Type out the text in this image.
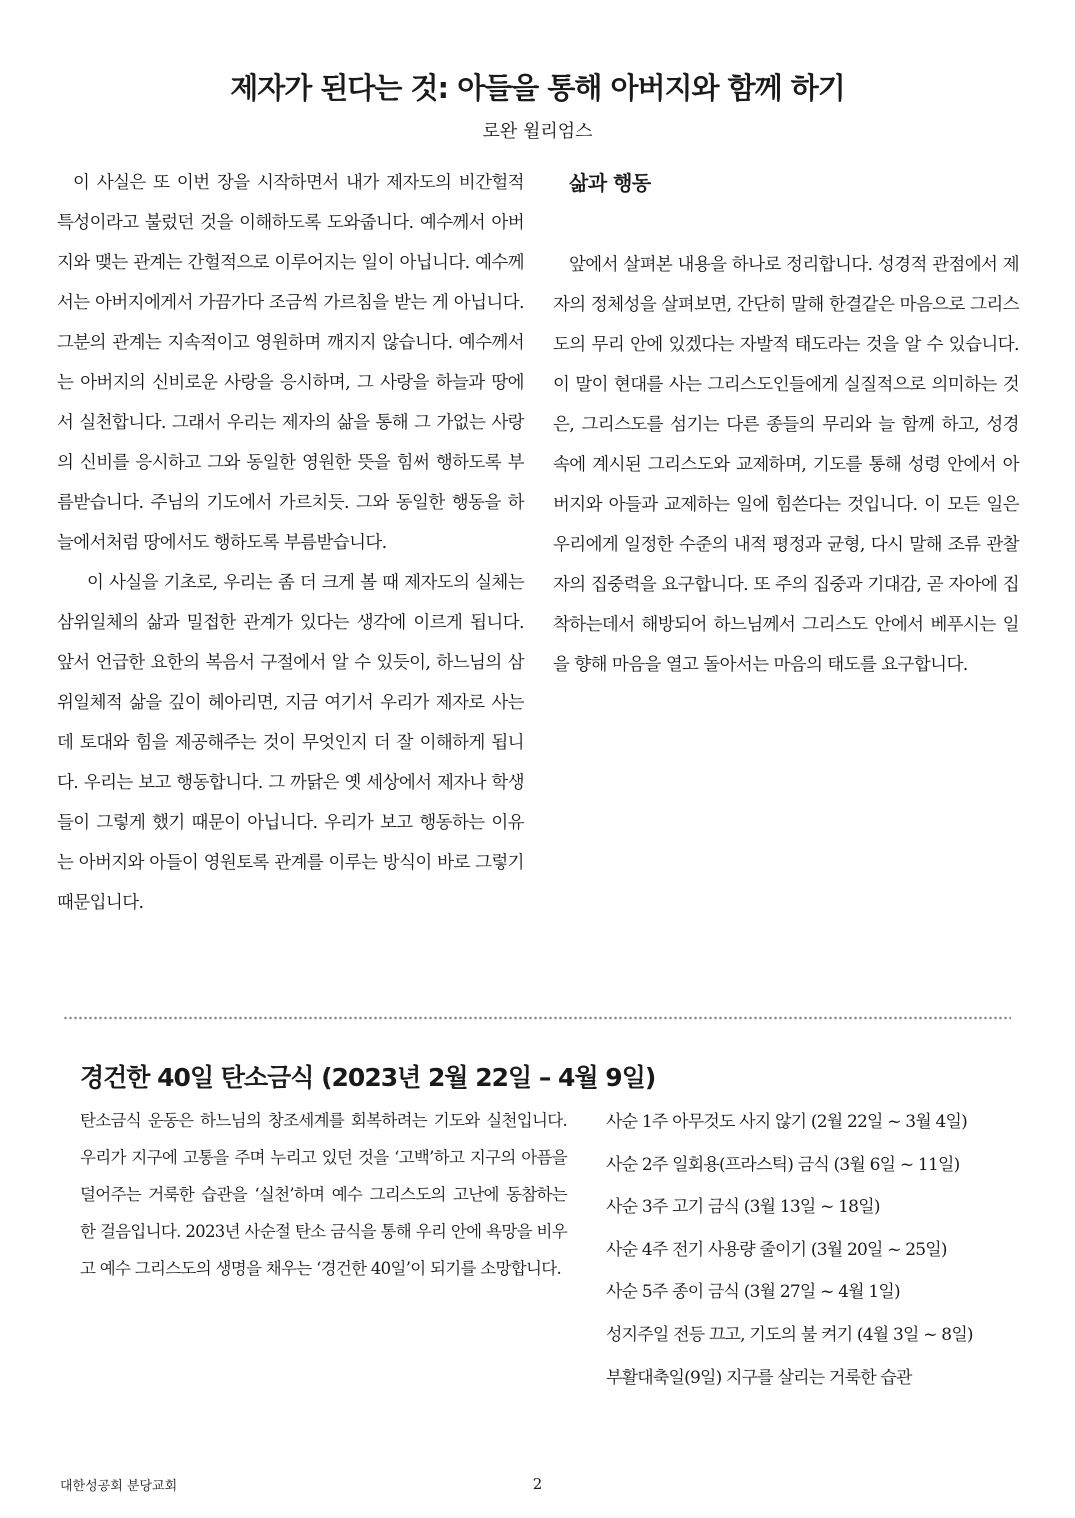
제자가 된다는 것: 아들을 통해 아버지와 함께 하기
로완 윌리엄스

이 사실은 또 이번 장을 시작하면서 내가 제자도의 비간헐적 특성이라고 불렀던 것을 이해하도록 도와줍니다. 예수께서 아버지와 맺는 관계는 간헐적으로 이루어지는 일이 아닙니다. 예수께서는 아버지에게서 가끔가다 조금씩 가르침을 받는 게 아닙니다. 그분의 관계는 지속적이고 영원하며 깨지지 않습니다. 예수께서는 아버지의 신비로운 사랑을 응시하며, 그 사랑을 하늘과 땅에서 실천합니다. 그래서 우리는 제자의 삶을 통해 그 가없는 사랑의 신비를 응시하고 그와 동일한 영원한 뜻을 힘써 행하도록 부름받습니다. 주님의 기도에서 가르치듯. 그와 동일한 행동을 하늘에서처럼 땅에서도 행하도록 부름받습니다.

이 사실을 기초로, 우리는 좀 더 크게 볼 때 제자도의 실체는 삼위일체의 삶과 밀접한 관계가 있다는 생각에 이르게 됩니다. 앞서 언급한 요한의 복음서 구절에서 알 수 있듯이, 하느님의 삼위일체적 삶을 깊이 헤아리면, 지금 여기서 우리가 제자로 사는데 토대와 힘을 제공해주는 것이 무엇인지 더 잘 이해하게 됩니다. 우리는 보고 행동합니다. 그 까닭은 옛 세상에서 제자나 학생들이 그렇게 했기 때문이 아닙니다. 우리가 보고 행동하는 이유는 아버지와 아들이 영원토록 관계를 이루는 방식이 바로 그렇기 때문입니다.

삶과 행동

앞에서 살펴본 내용을 하나로 정리합니다. 성경적 관점에서 제자의 정체성을 살펴보면, 간단히 말해 한결같은 마음으로 그리스도의 무리 안에 있겠다는 자발적 태도라는 것을 알 수 있습니다. 이 말이 현대를 사는 그리스도인들에게 실질적으로 의미하는 것은, 그리스도를 섬기는 다른 종들의 무리와 늘 함께 하고, 성경 속에 계시된 그리스도와 교제하며, 기도를 통해 성령 안에서 아버지와 아들과 교제하는 일에 힘쓴다는 것입니다. 이 모든 일은 우리에게 일정한 수준의 내적 평정과 균형, 다시 말해 조류 관찰자의 집중력을 요구합니다. 또 주의 집중과 기대감, 곧 자아에 집착하는데서 해방되어 하느님께서 그리스도 안에서 베푸시는 일을 향해 마음을 열고 돌아서는 마음의 태도를 요구합니다.

경건한 40일 탄소금식 (2023년 2월 22일 – 4월 9일)

탄소금식 운동은 하느님의 창조세계를 회복하려는 기도와 실천입니다. 우리가 지구에 고통을 주며 누리고 있던 것을 ‘고백’하고 지구의 아픔을 덜어주는 거룩한 습관을 ‘실천’하며 예수 그리스도의 고난에 동참하는 한 걸음입니다. 2023년 사순절 탄소 금식을 통해 우리 안에 욕망을 비우고 예수 그리스도의 생명을 채우는 ‘경건한 40일’이 되기를 소망합니다.

사순 1주 아무것도 사지 않기 (2월 22일 ~ 3월 4일)
사순 2주 일회용(프라스틱) 금식 (3월 6일 ~ 11일)
사순 3주 고기 금식 (3월 13일 ~ 18일)
사순 4주 전기 사용량 줄이기 (3월 20일 ~ 25일)
사순 5주 종이 금식 (3월 27일 ~ 4월 1일)
성지주일 전등 끄고, 기도의 불 켜기 (4월 3일 ~ 8일)
부활대축일(9일) 지구를 살리는 거룩한 습관
대한성공회 분당교회	2
